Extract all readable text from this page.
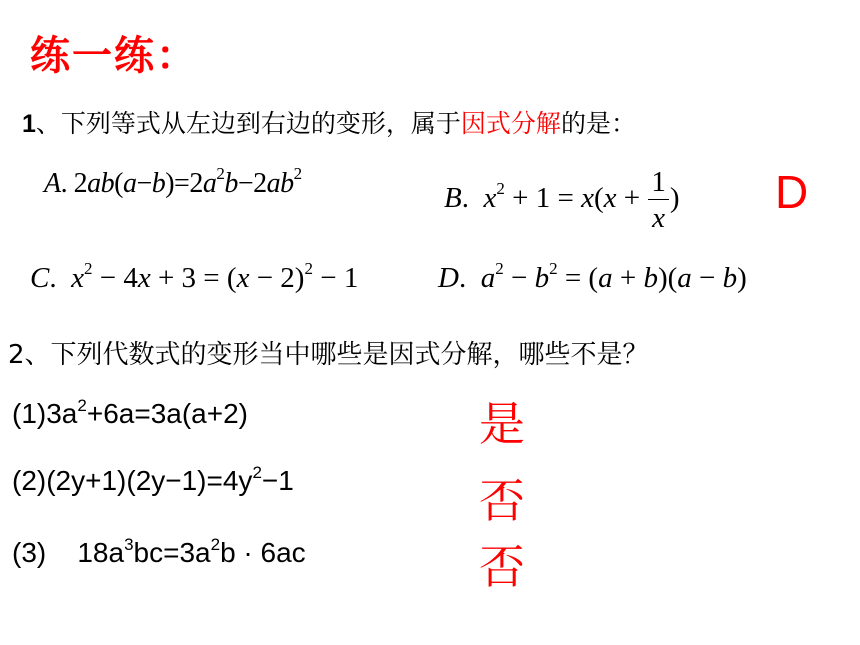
练一练：
1、下列等式从左边到右边的变形，属于因式分解的是：
A. $2ab(a-b)=2a^2b-2ab^2$
B.  $x^2 + 1 = x(x + \frac{1}{x}$ ) D
C.  $x^2 - 4x + 3 = (x - 2)^2 - 1$	D.  $a^2 - b^2 = (a + b)(a - b)$
2、下列代数式的变形当中哪些是因式分解，哪些不是？
$(1)3a^2+6a=3a(a+2)$	是
$(2)(2y+1)(2y-1)=4y^2-1$	否
(3)    $18a^3bc=3a^2b \cdot 6ac$	否
